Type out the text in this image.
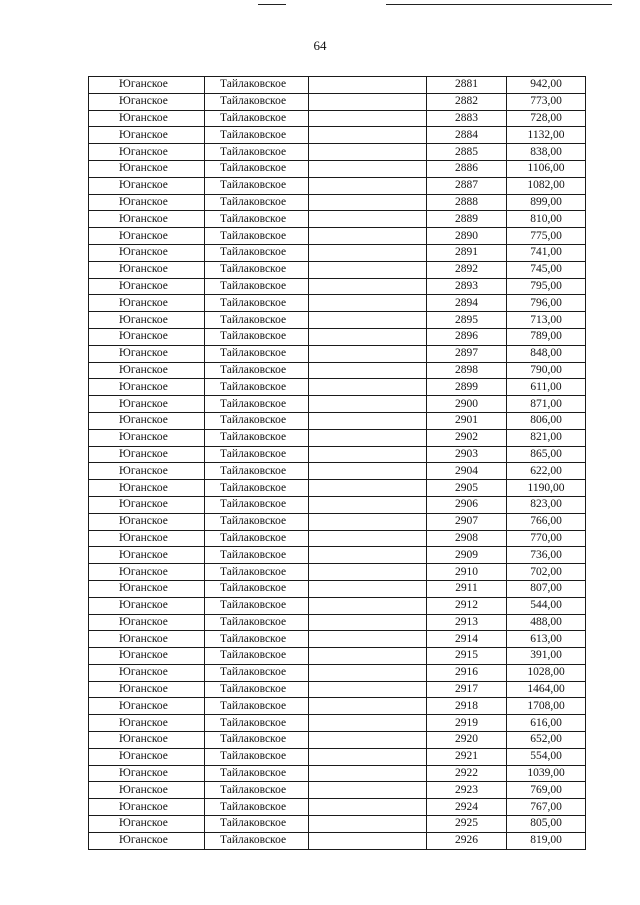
64
Юганское	Тайлаковское		2881	942,00
Юганское	Тайлаковское		2882	773,00
Юганское	Тайлаковское		2883	728,00
Юганское	Тайлаковское		2884	1132,00
Юганское	Тайлаковское		2885	838,00
Юганское	Тайлаковское		2886	1106,00
Юганское	Тайлаковское		2887	1082,00
Юганское	Тайлаковское		2888	899,00
Юганское	Тайлаковское		2889	810,00
Юганское	Тайлаковское		2890	775,00
Юганское	Тайлаковское		2891	741,00
Юганское	Тайлаковское		2892	745,00
Юганское	Тайлаковское		2893	795,00
Юганское	Тайлаковское		2894	796,00
Юганское	Тайлаковское		2895	713,00
Юганское	Тайлаковское		2896	789,00
Юганское	Тайлаковское		2897	848,00
Юганское	Тайлаковское		2898	790,00
Юганское	Тайлаковское		2899	611,00
Юганское	Тайлаковское		2900	871,00
Юганское	Тайлаковское		2901	806,00
Юганское	Тайлаковское		2902	821,00
Юганское	Тайлаковское		2903	865,00
Юганское	Тайлаковское		2904	622,00
Юганское	Тайлаковское		2905	1190,00
Юганское	Тайлаковское		2906	823,00
Юганское	Тайлаковское		2907	766,00
Юганское	Тайлаковское		2908	770,00
Юганское	Тайлаковское		2909	736,00
Юганское	Тайлаковское		2910	702,00
Юганское	Тайлаковское		2911	807,00
Юганское	Тайлаковское		2912	544,00
Юганское	Тайлаковское		2913	488,00
Юганское	Тайлаковское		2914	613,00
Юганское	Тайлаковское		2915	391,00
Юганское	Тайлаковское		2916	1028,00
Юганское	Тайлаковское		2917	1464,00
Юганское	Тайлаковское		2918	1708,00
Юганское	Тайлаковское		2919	616,00
Юганское	Тайлаковское		2920	652,00
Юганское	Тайлаковское		2921	554,00
Юганское	Тайлаковское		2922	1039,00
Юганское	Тайлаковское		2923	769,00
Юганское	Тайлаковское		2924	767,00
Юганское	Тайлаковское		2925	805,00
Юганское	Тайлаковское		2926	819,00
